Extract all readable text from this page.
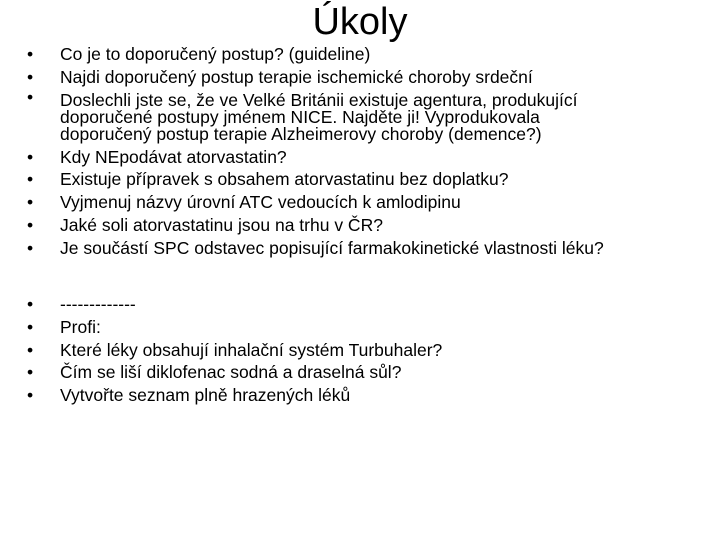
Úkoly
• Co je to doporučený postup? (guideline)
• Najdi doporučený postup terapie ischemické choroby srdeční
• Doslechli jste se, že ve Velké Británii existuje agentura, produkující
doporučené postupy jménem NICE. Najděte ji! Vyprodukovala
doporučený postup terapie Alzheimerovy choroby (demence?)
• Kdy NEpodávat atorvastatin?
• Existuje přípravek s obsahem atorvastatinu bez doplatku?
• Vyjmenuj názvy úrovní ATC vedoucích k amlodipinu
• Jaké soli atorvastatinu jsou na trhu v ČR?
• Je součástí SPC odstavec popisující farmakokinetické vlastnosti léku?
• -------------
• Profi:
• Které léky obsahují inhalační systém Turbuhaler?
• Čím se liší diklofenac sodná a draselná sůl?
• Vytvořte seznam plně hrazených léků
